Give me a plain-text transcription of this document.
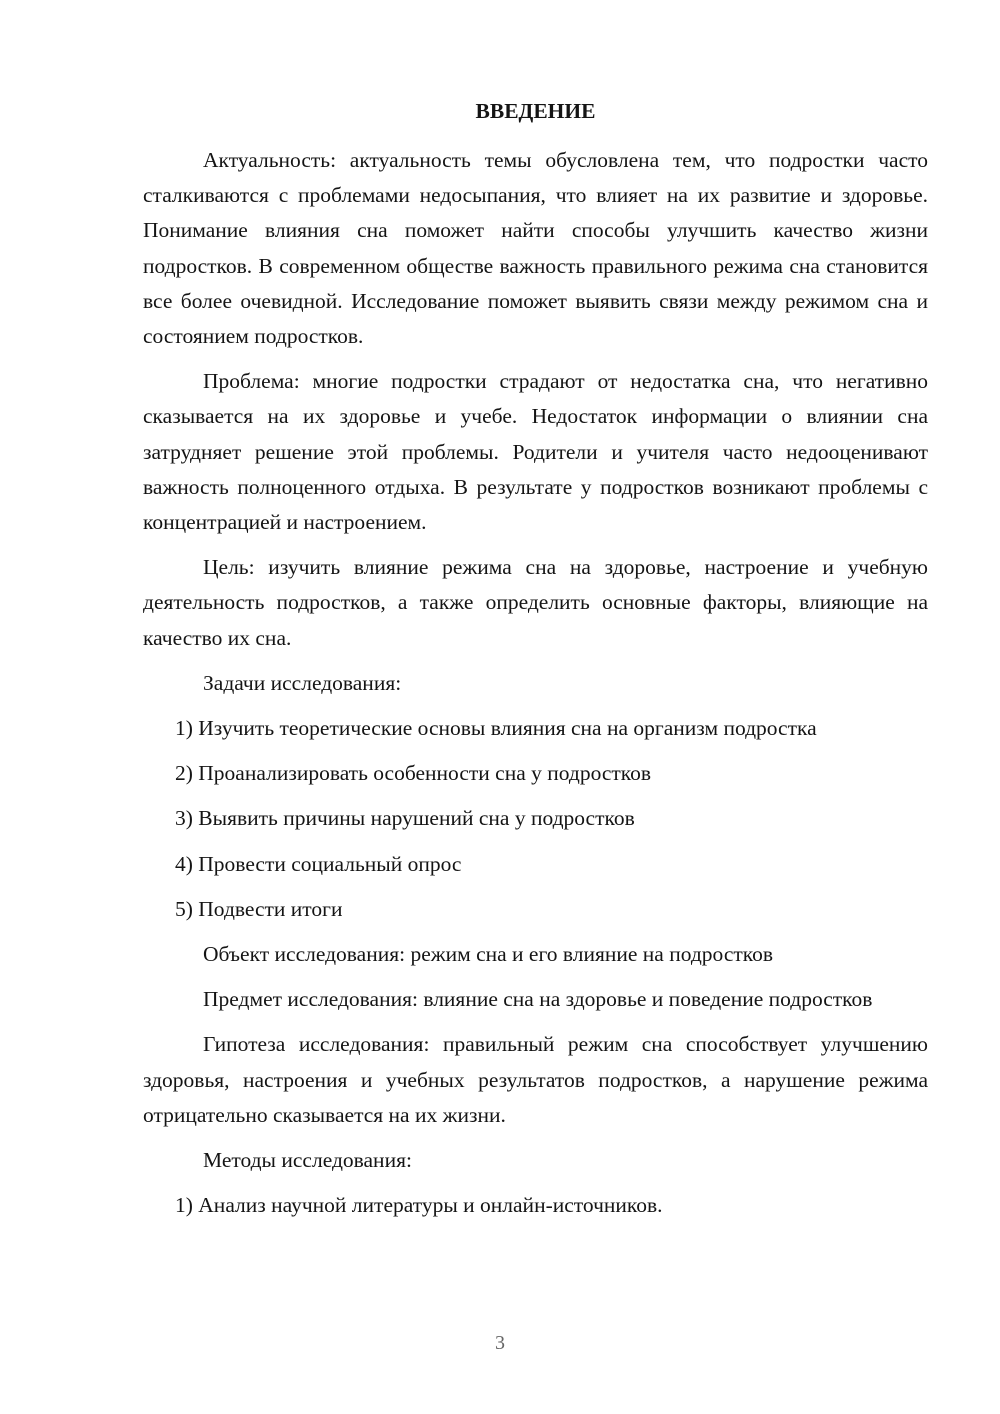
ВВЕДЕНИЕ

Актуальность: актуальность темы обусловлена тем, что подростки часто сталкиваются с проблемами недосыпания, что влияет на их развитие и здоровье. Понимание влияния сна поможет найти способы улучшить качество жизни подростков. В современном обществе важность правильного режима сна становится все более очевидной. Исследование поможет выявить связи между режимом сна и состоянием подростков.

Проблема: многие подростки страдают от недостатка сна, что негативно сказывается на их здоровье и учебе. Недостаток информации о влиянии сна затрудняет решение этой проблемы. Родители и учителя часто недооценивают важность полноценного отдыха. В результате у подростков возникают проблемы с концентрацией и настроением.

Цель: изучить влияние режима сна на здоровье, настроение и учебную деятельность подростков, а также определить основные факторы, влияющие на качество их сна.

Задачи исследования:
1) Изучить теоретические основы влияния сна на организм подростка
2) Проанализировать особенности сна у подростков
3) Выявить причины нарушений сна у подростков
4) Провести социальный опрос
5) Подвести итоги
Объект исследования: режим сна и его влияние на подростков

Предмет исследования: влияние сна на здоровье и поведение подростков

Гипотеза исследования: правильный режим сна способствует улучшению здоровья, настроения и учебных результатов подростков, а нарушение режима отрицательно сказывается на их жизни.

Методы исследования:
1) Анализ научной литературы и онлайн-источников.
3
